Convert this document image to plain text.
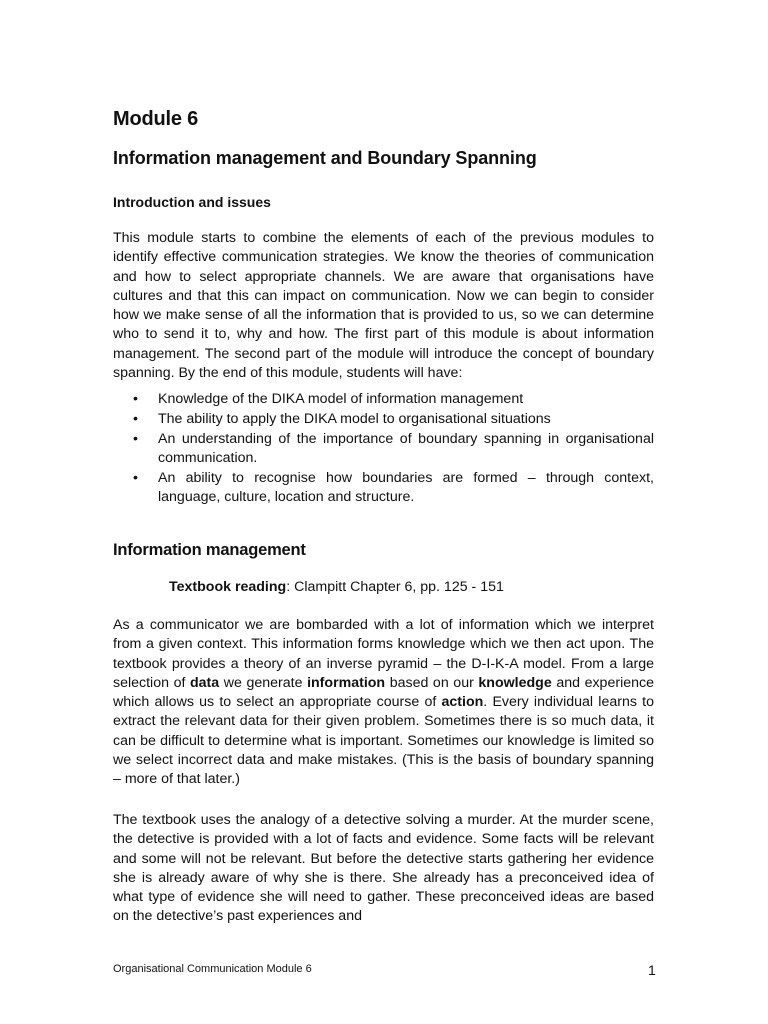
Module 6
Information management and Boundary Spanning
Introduction and issues

This module starts to combine the elements of each of the previous modules to identify effective communication strategies. We know the theories of communication and how to select appropriate channels. We are aware that organisations have cultures and that this can impact on communication. Now we can begin to consider how we make sense of all the information that is provided to us, so we can determine who to send it to, why and how. The first part of this module is about information management. The second part of the module will introduce the concept of boundary spanning. By the end of this module, students will have:

• Knowledge of the DIKA model of information management
• The ability to apply the DIKA model to organisational situations
• An understanding of the importance of boundary spanning in organisational communication.
• An ability to recognise how boundaries are formed – through context, language, culture, location and structure.
Information management
Textbook reading: Clampitt Chapter 6, pp. 125 - 151

As a communicator we are bombarded with a lot of information which we interpret from a given context. This information forms knowledge which we then act upon. The textbook provides a theory of an inverse pyramid – the D-I-K-A model. From a large selection of data we generate information based on our knowledge and experience which allows us to select an appropriate course of action. Every individual learns to extract the relevant data for their given problem. Sometimes there is so much data, it can be difficult to determine what is important. Sometimes our knowledge is limited so we select incorrect data and make mistakes. (This is the basis of boundary spanning – more of that later.)

The textbook uses the analogy of a detective solving a murder. At the murder scene, the detective is provided with a lot of facts and evidence. Some facts will be relevant and some will not be relevant. But before the detective starts gathering her evidence she is already aware of why she is there. She already has a preconceived idea of what type of evidence she will need to gather. These preconceived ideas are based on the detective’s past experiences and

Organisational Communication Module 6	1
